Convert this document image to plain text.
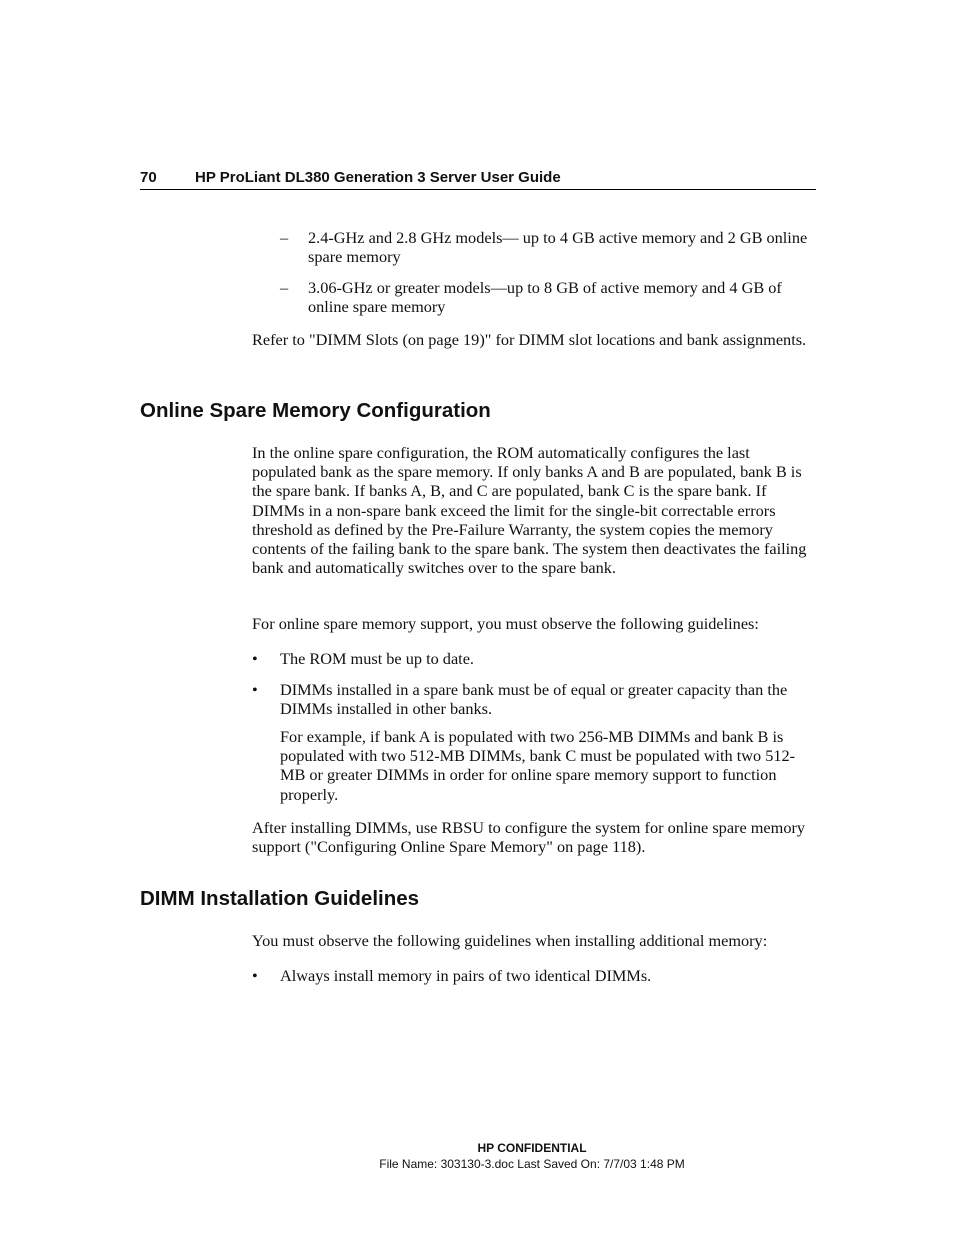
70	HP ProLiant DL380 Generation 3 Server User Guide
– 2.4-GHz and 2.8 GHz models— up to 4 GB active memory and 2 GB online spare memory
– 3.06-GHz or greater models—up to 8 GB of active memory and 4 GB of online spare memory
Refer to "DIMM Slots (on page 19)" for DIMM slot locations and bank assignments.
Online Spare Memory Configuration
In the online spare configuration, the ROM automatically configures the last populated bank as the spare memory. If only banks A and B are populated, bank B is the spare bank. If banks A, B, and C are populated, bank C is the spare bank. If DIMMs in a non-spare bank exceed the limit for the single-bit correctable errors threshold as defined by the Pre-Failure Warranty, the system copies the memory contents of the failing bank to the spare bank. The system then deactivates the failing bank and automatically switches over to the spare bank.
For online spare memory support, you must observe the following guidelines:
• The ROM must be up to date.
• DIMMs installed in a spare bank must be of equal or greater capacity than the DIMMs installed in other banks.
For example, if bank A is populated with two 256-MB DIMMs and bank B is populated with two 512-MB DIMMs, bank C must be populated with two 512-MB or greater DIMMs in order for online spare memory support to function properly.
After installing DIMMs, use RBSU to configure the system for online spare memory support ("Configuring Online Spare Memory" on page 118).
DIMM Installation Guidelines
You must observe the following guidelines when installing additional memory:
• Always install memory in pairs of two identical DIMMs.
HP CONFIDENTIAL
File Name: 303130-3.doc Last Saved On: 7/7/03 1:48 PM
